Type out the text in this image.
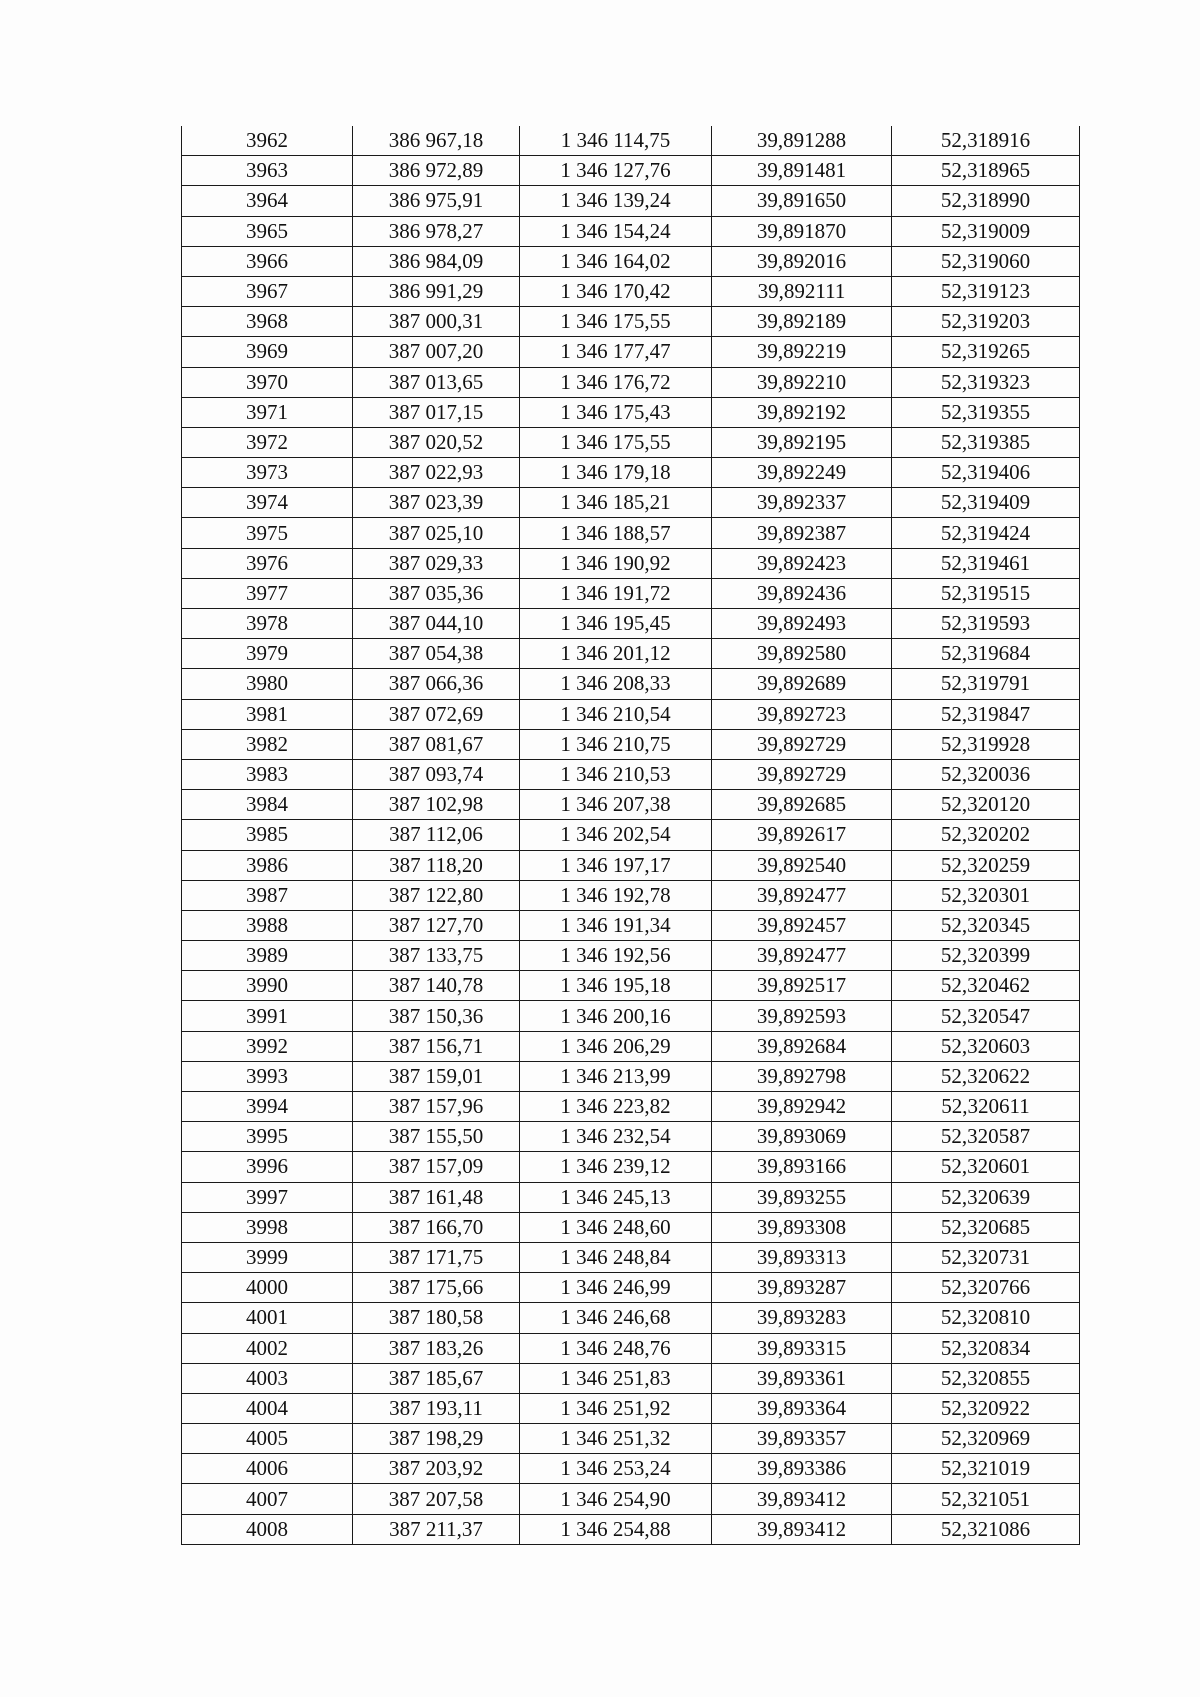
3962	386 967,18	1 346 114,75	39,891288	52,318916
3963	386 972,89	1 346 127,76	39,891481	52,318965
3964	386 975,91	1 346 139,24	39,891650	52,318990
3965	386 978,27	1 346 154,24	39,891870	52,319009
3966	386 984,09	1 346 164,02	39,892016	52,319060
3967	386 991,29	1 346 170,42	39,892111	52,319123
3968	387 000,31	1 346 175,55	39,892189	52,319203
3969	387 007,20	1 346 177,47	39,892219	52,319265
3970	387 013,65	1 346 176,72	39,892210	52,319323
3971	387 017,15	1 346 175,43	39,892192	52,319355
3972	387 020,52	1 346 175,55	39,892195	52,319385
3973	387 022,93	1 346 179,18	39,892249	52,319406
3974	387 023,39	1 346 185,21	39,892337	52,319409
3975	387 025,10	1 346 188,57	39,892387	52,319424
3976	387 029,33	1 346 190,92	39,892423	52,319461
3977	387 035,36	1 346 191,72	39,892436	52,319515
3978	387 044,10	1 346 195,45	39,892493	52,319593
3979	387 054,38	1 346 201,12	39,892580	52,319684
3980	387 066,36	1 346 208,33	39,892689	52,319791
3981	387 072,69	1 346 210,54	39,892723	52,319847
3982	387 081,67	1 346 210,75	39,892729	52,319928
3983	387 093,74	1 346 210,53	39,892729	52,320036
3984	387 102,98	1 346 207,38	39,892685	52,320120
3985	387 112,06	1 346 202,54	39,892617	52,320202
3986	387 118,20	1 346 197,17	39,892540	52,320259
3987	387 122,80	1 346 192,78	39,892477	52,320301
3988	387 127,70	1 346 191,34	39,892457	52,320345
3989	387 133,75	1 346 192,56	39,892477	52,320399
3990	387 140,78	1 346 195,18	39,892517	52,320462
3991	387 150,36	1 346 200,16	39,892593	52,320547
3992	387 156,71	1 346 206,29	39,892684	52,320603
3993	387 159,01	1 346 213,99	39,892798	52,320622
3994	387 157,96	1 346 223,82	39,892942	52,320611
3995	387 155,50	1 346 232,54	39,893069	52,320587
3996	387 157,09	1 346 239,12	39,893166	52,320601
3997	387 161,48	1 346 245,13	39,893255	52,320639
3998	387 166,70	1 346 248,60	39,893308	52,320685
3999	387 171,75	1 346 248,84	39,893313	52,320731
4000	387 175,66	1 346 246,99	39,893287	52,320766
4001	387 180,58	1 346 246,68	39,893283	52,320810
4002	387 183,26	1 346 248,76	39,893315	52,320834
4003	387 185,67	1 346 251,83	39,893361	52,320855
4004	387 193,11	1 346 251,92	39,893364	52,320922
4005	387 198,29	1 346 251,32	39,893357	52,320969
4006	387 203,92	1 346 253,24	39,893386	52,321019
4007	387 207,58	1 346 254,90	39,893412	52,321051
4008	387 211,37	1 346 254,88	39,893412	52,321086
